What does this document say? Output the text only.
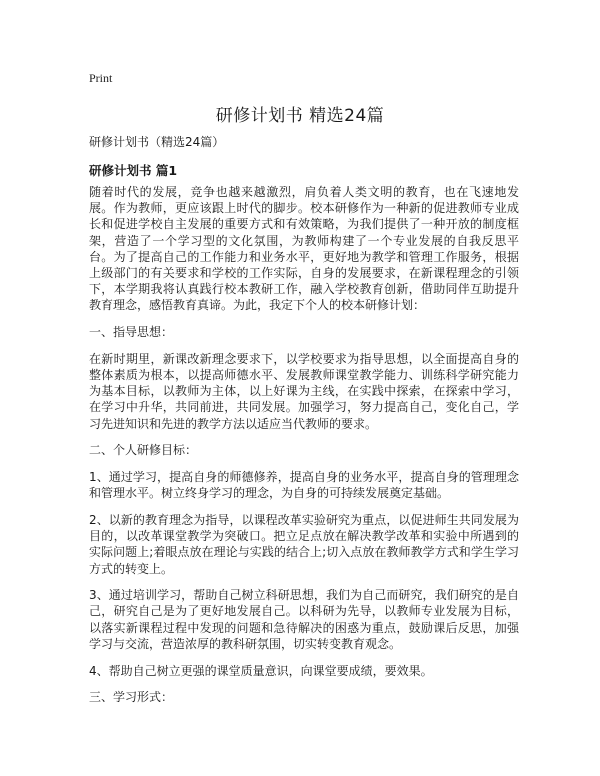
Print
研修计划书 精选24篇
研修计划书（精选24篇）
研修计划书 篇1

随着时代的发展，竞争也越来越激烈，肩负着人类文明的教育，也在飞速地发展。作为教师，更应该跟上时代的脚步。校本研修作为一种新的促进教师专业成长和促进学校自主发展的重要方式和有效策略，为我们提供了一种开放的制度框架，营造了一个学习型的文化氛围，为教师构建了一个专业发展的自我反思平台。为了提高自己的工作能力和业务水平，更好地为教学和管理工作服务，根据上级部门的有关要求和学校的工作实际，自身的发展要求，在新课程理念的引领下，本学期我将认真践行校本教研工作，融入学校教育创新，借助同伴互助提升教育理念，感悟教育真谛。为此，我定下个人的校本研修计划：

一、指导思想：

在新时期里，新课改新理念要求下，以学校要求为指导思想，以全面提高自身的整体素质为根本，以提高师德水平、发展教师课堂教学能力、训练科学研究能力为基本目标，以教师为主体，以上好课为主线，在实践中探索，在探索中学习，在学习中升华，共同前进，共同发展。加强学习，努力提高自己，变化自己，学习先进知识和先进的教学方法以适应当代教师的要求。

二、个人研修目标：

1、通过学习，提高自身的师德修养，提高自身的业务水平，提高自身的管理理念和管理水平。树立终身学习的理念，为自身的可持续发展奠定基础。

2、以新的教育理念为指导，以课程改革实验研究为重点，以促进师生共同发展为目的，以改革课堂教学为突破口。把立足点放在解决教学改革和实验中所遇到的实际问题上;着眼点放在理论与实践的结合上;切入点放在教师教学方式和学生学习方式的转变上。

3、通过培训学习，帮助自己树立科研思想，我们为自己而研究，我们研究的是自己，研究自己是为了更好地发展自己。以科研为先导，以教师专业发展为目标，以落实新课程过程中发现的问题和急待解决的困惑为重点，鼓励课后反思，加强学习与交流，营造浓厚的教科研氛围，切实转变教育观念。

4、帮助自己树立更强的课堂质量意识，向课堂要成绩，要效果。

三、学习形式：
